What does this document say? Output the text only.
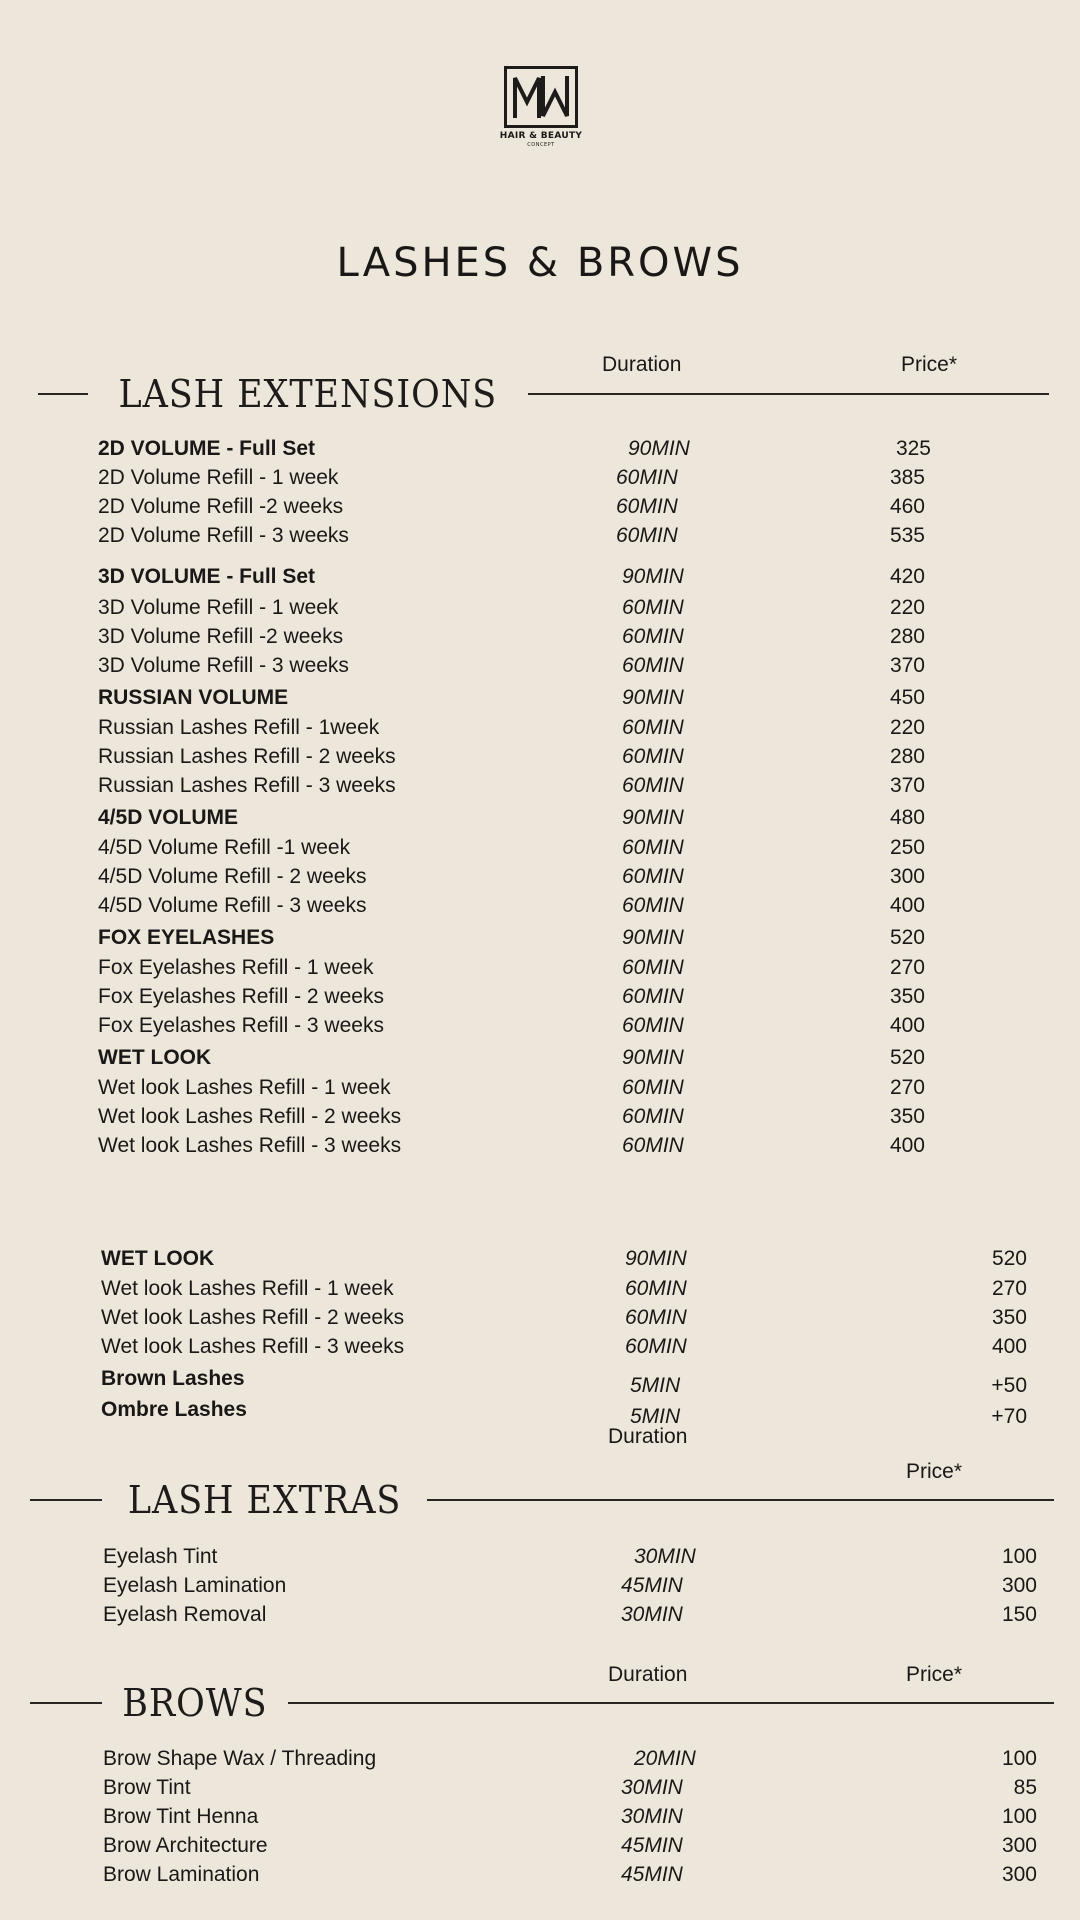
HAIR & BEAUTY
CONCEPT
LASHES & BROWS
Duration	Price*
LASH EXTENSIONS
2D VOLUME - Full Set	90MIN	325
2D Volume Refill - 1 week	60MIN	385
2D Volume Refill -2 weeks	60MIN	460
2D Volume Refill - 3 weeks	60MIN	535
3D VOLUME - Full Set	90MIN	420
3D Volume Refill - 1 week	60MIN	220
3D Volume Refill -2 weeks	60MIN	280
3D Volume Refill - 3 weeks	60MIN	370
RUSSIAN VOLUME	90MIN	450
Russian Lashes Refill - 1week	60MIN	220
Russian Lashes Refill - 2 weeks	60MIN	280
Russian Lashes Refill - 3 weeks	60MIN	370
4/5D VOLUME	90MIN	480
4/5D Volume Refill -1 week	60MIN	250
4/5D Volume Refill - 2 weeks	60MIN	300
4/5D Volume Refill - 3 weeks	60MIN	400
FOX EYELASHES	90MIN	520
Fox Eyelashes Refill - 1 week	60MIN	270
Fox Eyelashes Refill - 2 weeks	60MIN	350
Fox Eyelashes Refill - 3 weeks	60MIN	400
WET LOOK	90MIN	520
Wet look Lashes Refill - 1 week	60MIN	270
Wet look Lashes Refill - 2 weeks	60MIN	350
Wet look Lashes Refill - 3 weeks	60MIN	400
WET LOOK	90MIN	520
Wet look Lashes Refill - 1 week	60MIN	270
Wet look Lashes Refill - 2 weeks	60MIN	350
Wet look Lashes Refill - 3 weeks	60MIN	400
Brown Lashes	5MIN	+50
Ombre Lashes	5MIN	+70
Duration
Price*
LASH EXTRAS
Eyelash Tint	30MIN	100
Eyelash Lamination	45MIN	300
Eyelash Removal	30MIN	150
Duration	Price*
BROWS
Brow Shape Wax / Threading	20MIN	100
Brow Tint	30MIN	85
Brow Tint Henna	30MIN	100
Brow Architecture	45MIN	300
Brow Lamination	45MIN	300
